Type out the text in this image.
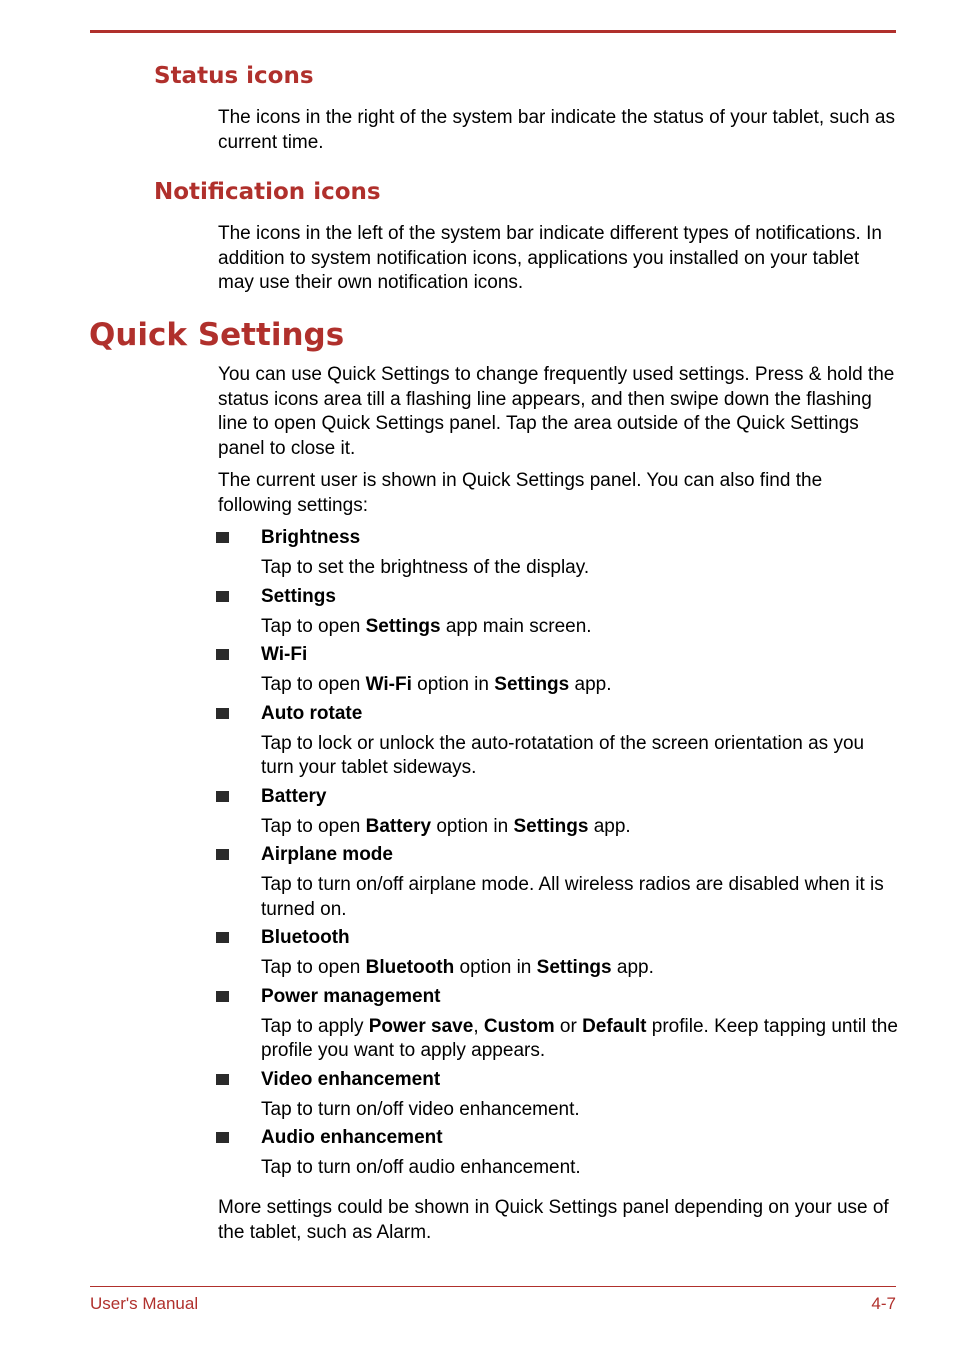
Status icons

The icons in the right of the system bar indicate the status of your tablet, such as current time.

Notification icons

The icons in the left of the system bar indicate different types of notifications. In addition to system notification icons, applications you installed on your tablet may use their own notification icons.

Quick Settings

You can use Quick Settings to change frequently used settings. Press & hold the status icons area till a flashing line appears, and then swipe down the flashing line to open Quick Settings panel. Tap the area outside of the Quick Settings panel to close it.

The current user is shown in Quick Settings panel. You can also find the following settings:

Brightness
Tap to set the brightness of the display.
Settings
Tap to open Settings app main screen.
Wi-Fi
Tap to open Wi-Fi option in Settings app.
Auto rotate
Tap to lock or unlock the auto-rotatation of the screen orientation as you turn your tablet sideways.
Battery
Tap to open Battery option in Settings app.
Airplane mode
Tap to turn on/off airplane mode. All wireless radios are disabled when it is turned on.
Bluetooth
Tap to open Bluetooth option in Settings app.
Power management
Tap to apply Power save, Custom or Default profile. Keep tapping until the profile you want to apply appears.
Video enhancement
Tap to turn on/off video enhancement.
Audio enhancement
Tap to turn on/off audio enhancement.

More settings could be shown in Quick Settings panel depending on your use of the tablet, such as Alarm.

User's Manual	4-7
